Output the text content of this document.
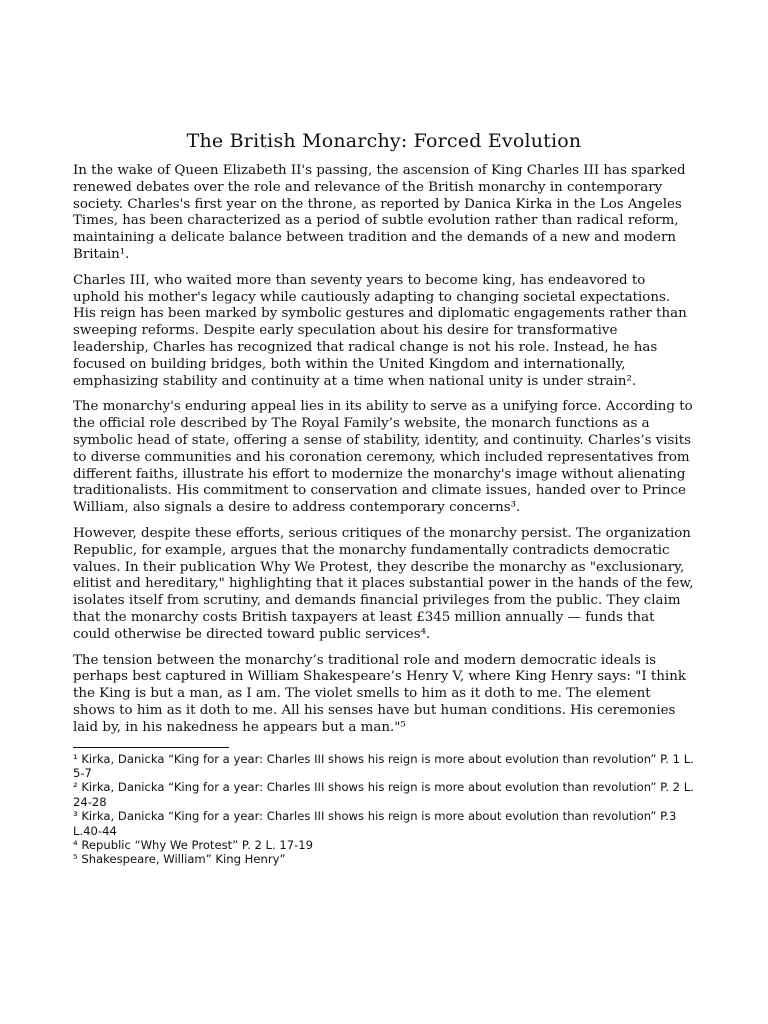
The British Monarchy: Forced Evolution

In the wake of Queen Elizabeth II's passing, the ascension of King Charles III has sparked renewed debates over the role and relevance of the British monarchy in contemporary society. Charles's first year on the throne, as reported by Danica Kirka in the Los Angeles Times, has been characterized as a period of subtle evolution rather than radical reform, maintaining a delicate balance between tradition and the demands of a new and modern Britain¹.

Charles III, who waited more than seventy years to become king, has endeavored to uphold his mother's legacy while cautiously adapting to changing societal expectations. His reign has been marked by symbolic gestures and diplomatic engagements rather than sweeping reforms. Despite early speculation about his desire for transformative leadership, Charles has recognized that radical change is not his role. Instead, he has focused on building bridges, both within the United Kingdom and internationally, emphasizing stability and continuity at a time when national unity is under strain².

The monarchy's enduring appeal lies in its ability to serve as a unifying force. According to the official role described by The Royal Family’s website, the monarch functions as a symbolic head of state, offering a sense of stability, identity, and continuity. Charles’s visits to diverse communities and his coronation ceremony, which included representatives from different faiths, illustrate his effort to modernize the monarchy's image without alienating traditionalists. His commitment to conservation and climate issues, handed over to Prince William, also signals a desire to address contemporary concerns³.

However, despite these efforts, serious critiques of the monarchy persist. The organization Republic, for example, argues that the monarchy fundamentally contradicts democratic values. In their publication Why We Protest, they describe the monarchy as "exclusionary, elitist and hereditary," highlighting that it places substantial power in the hands of the few, isolates itself from scrutiny, and demands financial privileges from the public. They claim that the monarchy costs British taxpayers at least £345 million annually — funds that could otherwise be directed toward public services⁴.

The tension between the monarchy’s traditional role and modern democratic ideals is perhaps best captured in William Shakespeare’s Henry V, where King Henry says: "I think the King is but a man, as I am. The violet smells to him as it doth to me. The element shows to him as it doth to me. All his senses have but human conditions. His ceremonies laid by, in his nakedness he appears but a man."⁵

¹ Kirka, Danicka “King for a year: Charles III shows his reign is more about evolution than revolution” P. 1 L. 5-7

² Kirka, Danicka “King for a year: Charles III shows his reign is more about evolution than revolution” P. 2 L. 24-28

³ Kirka, Danicka “King for a year: Charles III shows his reign is more about evolution than revolution” P.3 L.40-44

⁴ Republic “Why We Protest” P. 2 L. 17-19

⁵ Shakespeare, William” King Henry”
